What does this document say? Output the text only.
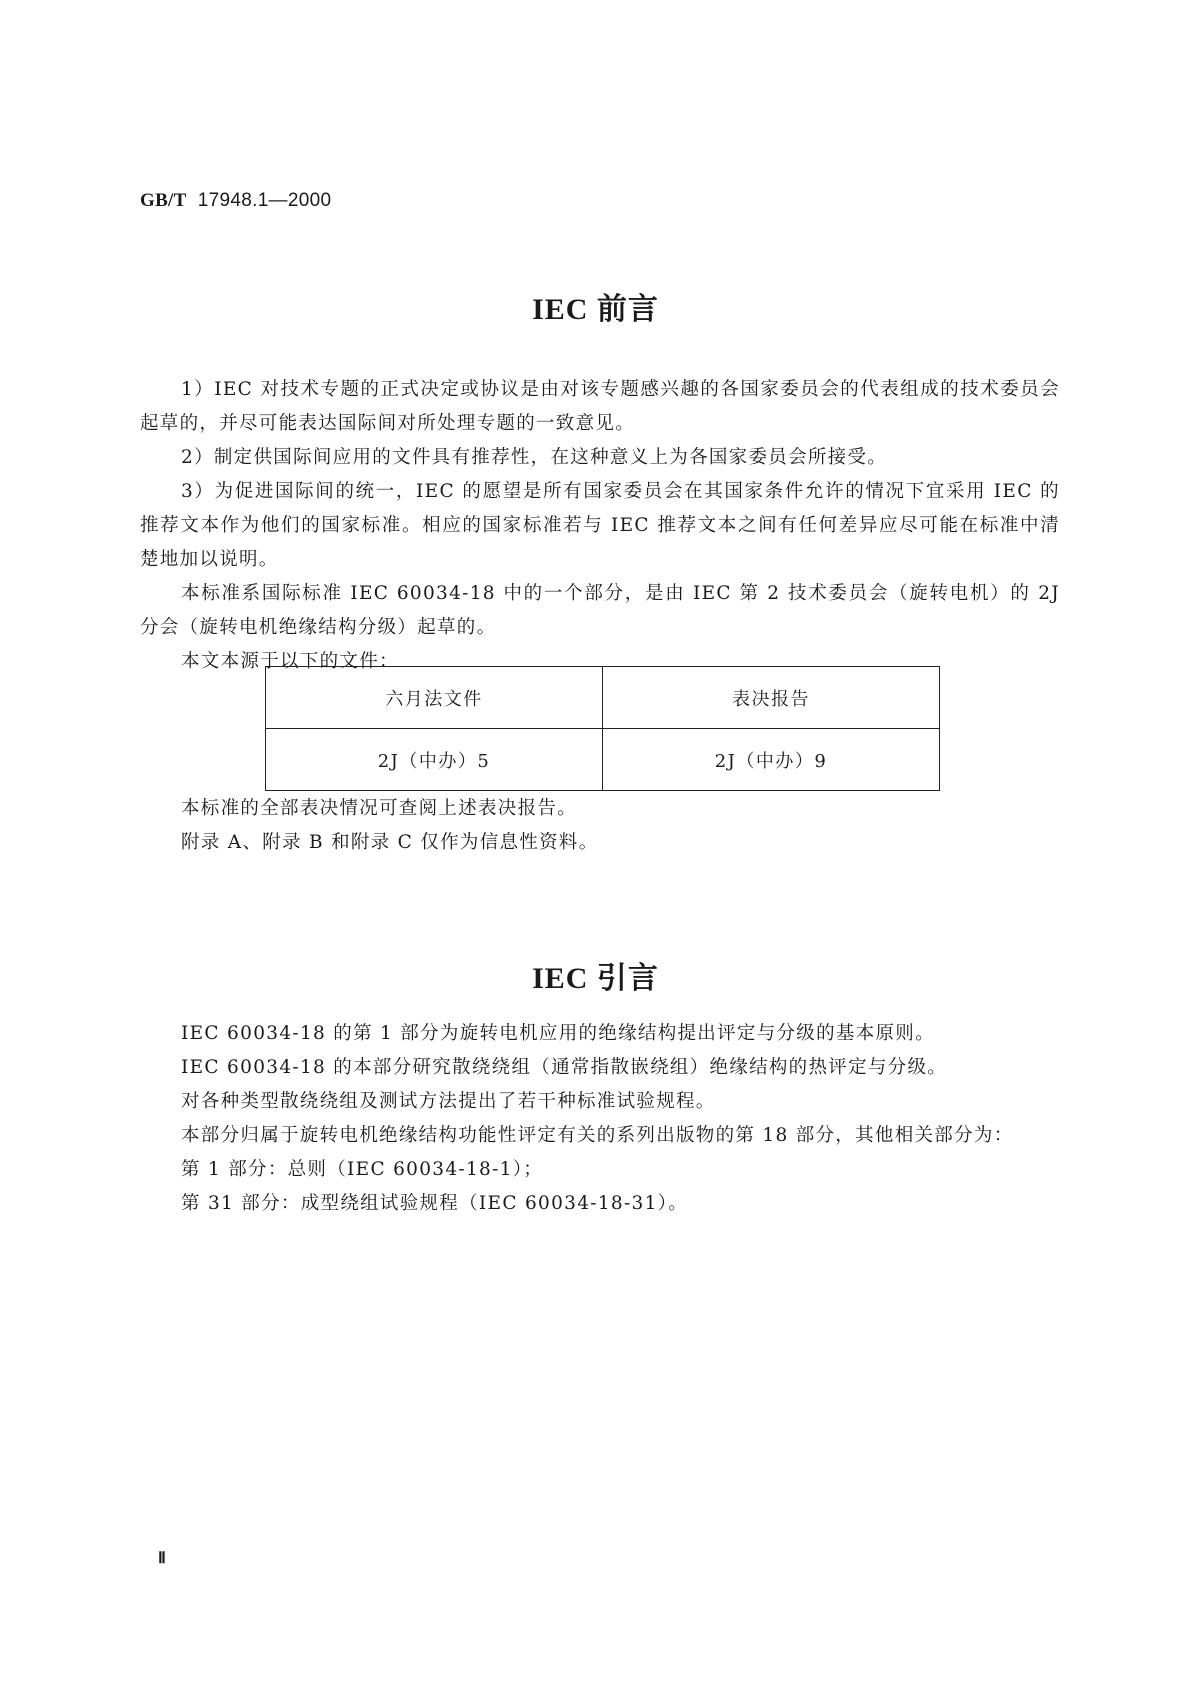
GB/T 17948.1—2000
IEC 前言

1）IEC 对技术专题的正式决定或协议是由对该专题感兴趣的各国家委员会的代表组成的技术委员会起草的，并尽可能表达国际间对所处理专题的一致意见。

2）制定供国际间应用的文件具有推荐性，在这种意义上为各国家委员会所接受。

3）为促进国际间的统一，IEC 的愿望是所有国家委员会在其国家条件允许的情况下宜采用 IEC 的推荐文本作为他们的国家标准。相应的国家标准若与 IEC 推荐文本之间有任何差异应尽可能在标准中清楚地加以说明。

本标准系国际标准 IEC 60034-18 中的一个部分，是由 IEC 第 2 技术委员会（旋转电机）的 2J 分会（旋转电机绝缘结构分级）起草的。

本文本源于以下的文件：

六月法文件	表决报告
2J（中办）5	2J（中办）9

本标准的全部表决情况可查阅上述表决报告。

附录 A、附录 B 和附录 C 仅作为信息性资料。

IEC 引言

IEC 60034-18 的第 1 部分为旋转电机应用的绝缘结构提出评定与分级的基本原则。

IEC 60034-18 的本部分研究散绕绕组（通常指散嵌绕组）绝缘结构的热评定与分级。

对各种类型散绕绕组及测试方法提出了若干种标准试验规程。

本部分归属于旋转电机绝缘结构功能性评定有关的系列出版物的第 18 部分，其他相关部分为：

第 1 部分：总则（IEC 60034-18-1）；

第 31 部分：成型绕组试验规程（IEC 60034-18-31）。

Ⅱ
